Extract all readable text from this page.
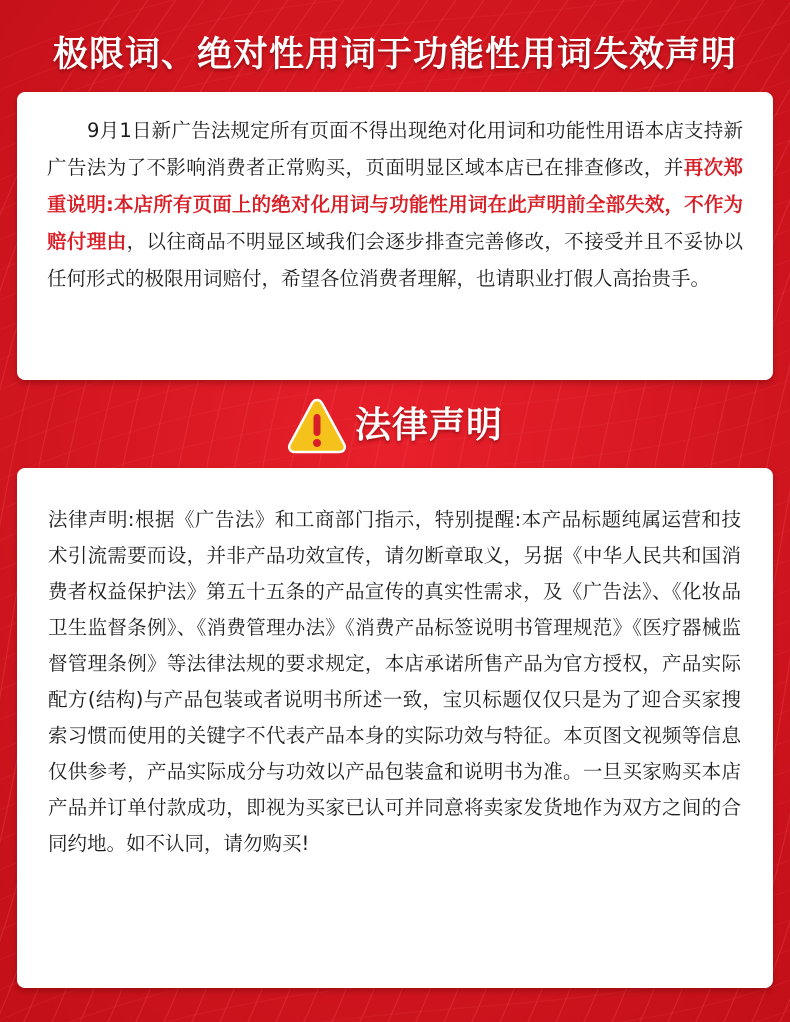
极限词、绝对性用词于功能性用词失效声明

9月1日新广告法规定所有页面不得出现绝对化用词和功能性用语本店支持新广告法为了不影响消费者正常购买，页面明显区域本店已在排查修改，并再次郑重说明:本店所有页面上的绝对化用词与功能性用词在此声明前全部失效，不作为赔付理由，以往商品不明显区域我们会逐步排查完善修改，不接受并且不妥协以任何形式的极限用词赔付，希望各位消费者理解，也请职业打假人高抬贵手。

法律声明

法律声明:根据《广告法》和工商部门指示，特别提醒:本产品标题纯属运营和技术引流需要而设，并非产品功效宣传，请勿断章取义，另据《中华人民共和国消费者权益保护法》第五十五条的产品宣传的真实性需求，及《广告法》、《化妆品卫生监督条例》、《消费管理办法》《消费产品标签说明书管理规范》《医疗器械监督管理条例》等法律法规的要求规定，本店承诺所售产品为官方授权，产品实际配方(结构)与产品包装或者说明书所述一致，宝贝标题仅仅只是为了迎合买家搜索习惯而使用的关键字不代表产品本身的实际功效与特征。本页图文视频等信息仅供参考，产品实际成分与功效以产品包装盒和说明书为准。一旦买家购买本店产品并订单付款成功，即视为买家已认可并同意将卖家发货地作为双方之间的合同约地。如不认同，请勿购买!
